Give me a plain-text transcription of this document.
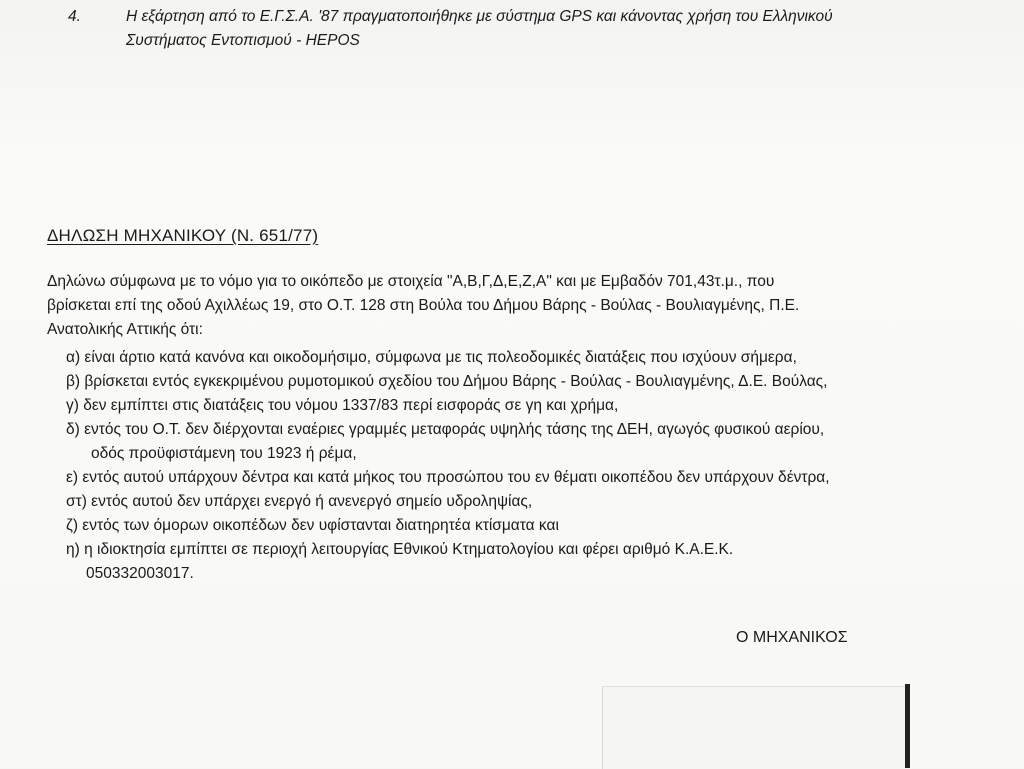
4.	Η εξάρτηση από το Ε.Γ.Σ.Α. '87 πραγματοποιήθηκε με σύστημα GPS και κάνοντας χρήση του Ελληνικού
Συστήματος Εντοπισμού - HEPOS
ΔΗΛΩΣΗ ΜΗΧΑΝΙΚΟΥ (Ν. 651/77)
Δηλώνω σύμφωνα με το νόμο για το οικόπεδο με στοιχεία "Α,Β,Γ,Δ,Ε,Ζ,Α" και με Εμβαδόν 701,43τ.μ., που
βρίσκεται επί της οδού Αχιλλέως 19, στο Ο.Τ. 128 στη Βούλα του Δήμου Βάρης - Βούλας - Βουλιαγμένης, Π.Ε.
Ανατολικής Αττικής ότι:
α) είναι άρτιο κατά κανόνα και οικοδομήσιμο, σύμφωνα με τις πολεοδομικές διατάξεις που ισχύουν σήμερα,
β) βρίσκεται εντός εγκεκριμένου ρυμοτομικού σχεδίου του Δήμου Βάρης - Βούλας - Βουλιαγμένης, Δ.Ε. Βούλας,
γ) δεν εμπίπτει στις διατάξεις του νόμου 1337/83 περί εισφοράς σε γη και χρήμα,
δ) εντός του Ο.Τ. δεν διέρχονται εναέριες γραμμές μεταφοράς υψηλής τάσης της ΔΕΗ, αγωγός φυσικού αερίου,
οδός προϋφιστάμενη του 1923 ή ρέμα,
ε) εντός αυτού υπάρχουν δέντρα και κατά μήκος του προσώπου του εν θέματι οικοπέδου δεν υπάρχουν δέντρα,
στ) εντός αυτού δεν υπάρχει ενεργό ή ανενεργό σημείο υδροληψίας,
ζ) εντός των όμορων οικοπέδων δεν υφίστανται διατηρητέα κτίσματα και
η) η ιδιοκτησία εμπίπτει σε περιοχή λειτουργίας Εθνικού Κτηματολογίου και φέρει αριθμό Κ.Α.Ε.Κ.
050332003017.
Ο ΜΗΧΑΝΙΚΟΣ
